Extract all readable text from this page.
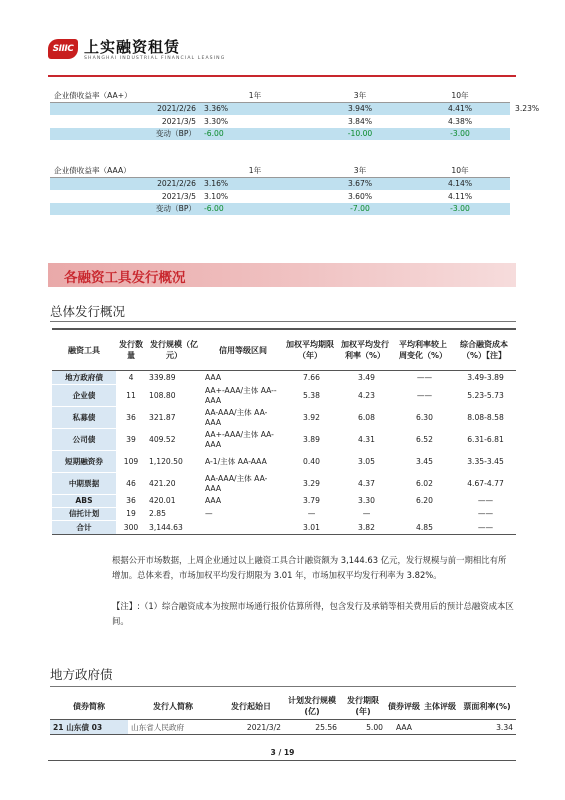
SIIIC 上实融资租赁
SHANGHAI INDUSTRIAL FINANCIAL LEASING
企业债收益率（AA+）	1年	3年	10年
2021/2/26	3.36%	3.94%	4.41%
2021/3/5	3.30%	3.84%	4.38%
变动（BP）	-6.00	-10.00	-3.00
3.23%
企业债收益率（AAA）	1年	3年	10年
2021/2/26	3.16%	3.67%	4.14%
2021/3/5	3.10%	3.60%	4.11%
变动（BP）	-6.00	-7.00	-3.00
各融资工具发行概况
总体发行概况
融资工具	发行数量	发行规模（亿元）	信用等级区间	加权平均期限（年）	加权平均发行利率（%）	平均利率较上周变化（%）	综合融资成本（%）【注】
地方政府债	4	339.89	AAA	7.66	3.49	——	3.49-3.89
企业债	11	108.80	AA+-AAA/主体 AA--AAA	5.38	4.23	——	5.23-5.73
私募债	36	321.87	AA-AAA/主体 AA-AAA	3.92	6.08	6.30	8.08-8.58
公司债	39	409.52	AA+-AAA/主体 AA-AAA	3.89	4.31	6.52	6.31-6.81
短期融资券	109	1,120.50	A-1/主体 AA-AAA	0.40	3.05	3.45	3.35-3.45
中期票据	46	421.20	AA-AAA/主体 AA-AAA	3.29	4.37	6.02	4.67-4.77
ABS	36	420.01	AAA	3.79	3.30	6.20	——
信托计划	19	2.85	—	—	—		——
合计	300	3,144.63		3.01	3.82	4.85	——
根据公开市场数据，上周企业通过以上融资工具合计融资额为 3,144.63 亿元，发行规模与前一期相比有所增加。总体来看，市场加权平均发行期限为 3.01 年，市场加权平均发行利率为 3.82%。
【注】:（1）综合融资成本为按照市场通行报价估算所得，包含发行及承销等相关费用后的预计总融资成本区间。
地方政府债
债券简称	发行人简称	发行起始日	计划发行规模(亿)	发行期限(年)	债券评级	主体评级	票面利率(%)
21 山东债 03	山东省人民政府	2021/3/2	25.56	5.00	AAA		3.34
3 / 19
